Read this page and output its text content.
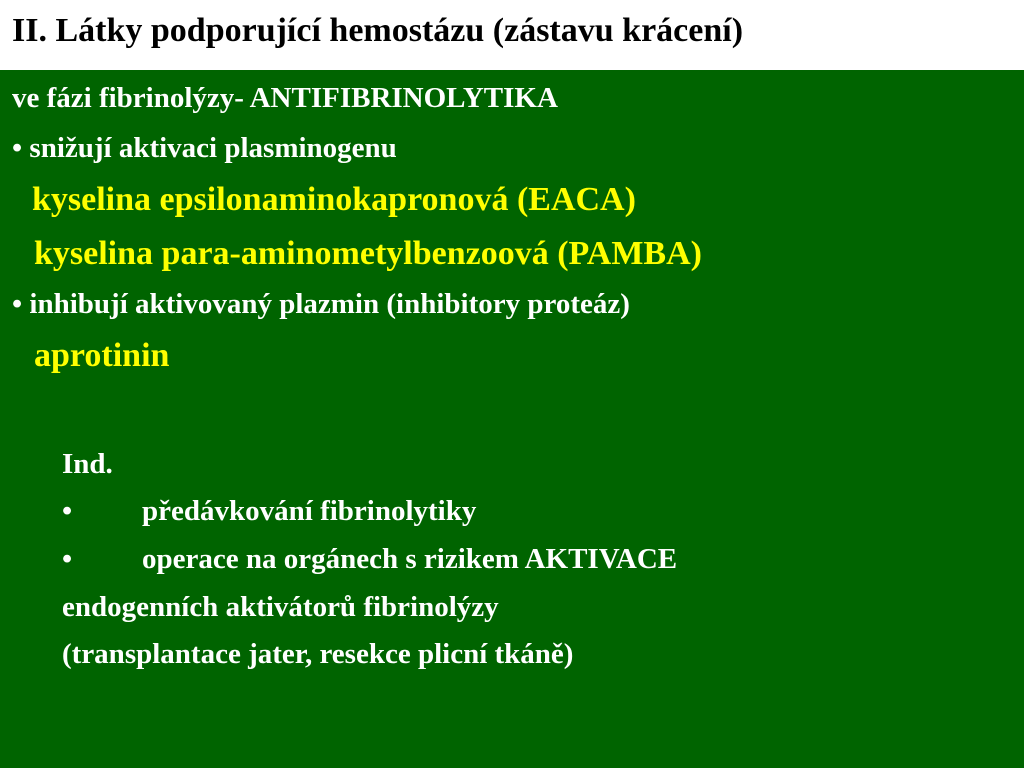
II. Látky podporující hemostázu (zástavu krácení)
ve fázi fibrinolýzy- ANTIFIBRINOLYTIKA
• snižují aktivaci plasminogenu
kyselina epsilonaminokapronová (EACA)
kyselina para-aminometylbenzoová (PAMBA)
• inhibují aktivovaný plazmin (inhibitory proteáz)
aprotinin
Ind.
• předávkování fibrinolytiky
• operace na orgánech s rizikem AKTIVACE
endogenních aktivátorů fibrinolýzy
(transplantace jater, resekce plicní tkáně)
